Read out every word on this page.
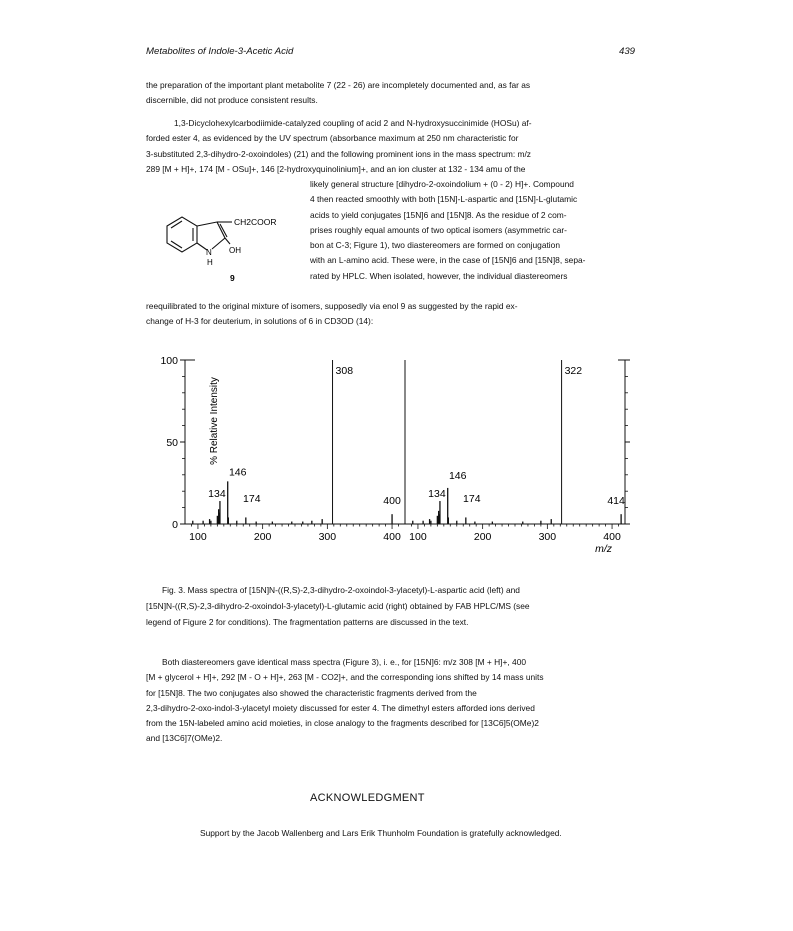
Metabolites of Indole-3-Acetic Acid	439
the preparation of the important plant metabolite 7 (22 - 26) are incompletely documented and, as far as
discernible, did not produce consistent results.
1,3-Dicyclohexylcarbodiimide-catalyzed coupling of acid 2 and N-hydroxysuccinimide (HOSu) af-
forded ester 4, as evidenced by the UV spectrum (absorbance maximum at 250 nm characteristic for
3-substituted 2,3-dihydro-2-oxoindoles) (21) and the following prominent ions in the mass spectrum: m/z
289 [M + H]+, 174 [M - OSu]+, 146 [2-hydroxyquinolinium]+, and an ion cluster at 132 - 134 amu of the
likely general structure [dihydro-2-oxoindolium + (0 - 2) H]+. Compound
4 then reacted smoothly with both [15N]-L-aspartic and [15N]-L-glutamic
acids to yield conjugates [15N]6 and [15N]8. As the residue of 2 com-
prises roughly equal amounts of two optical isomers (asymmetric car-
bon at C-3; Figure 1), two diastereomers are formed on conjugation
with an L-amino acid. These were, in the case of [15N]6 and [15N]8, sepa-
rated by HPLC. When isolated, however, the individual diastereomers
reequilibrated to the original mixture of isomers, supposedly via enol 9 as suggested by the rapid ex-
change of H-3 for deuterium, in solutions of 6 in CD3OD (14):
CH2COOR
N
H
OH
9
0
50
100
% Relative Intensity
100	200	300	400
308
146
134 174	400
100	200	300	400
322
146
134 174	414
m/z
Fig. 3. Mass spectra of [15N]N-((R,S)-2,3-dihydro-2-oxoindol-3-ylacetyl)-L-aspartic acid (left) and
[15N]N-((R,S)-2,3-dihydro-2-oxoindol-3-ylacetyl)-L-glutamic acid (right) obtained by FAB HPLC/MS (see
legend of Figure 2 for conditions). The fragmentation patterns are discussed in the text.
Both diastereomers gave identical mass spectra (Figure 3), i. e., for [15N]6: m/z 308 [M + H]+, 400
[M + glycerol + H]+, 292 [M - O + H]+, 263 [M - CO2]+, and the corresponding ions shifted by 14 mass units
for [15N]8. The two conjugates also showed the characteristic fragments derived from the
2,3-dihydro-2-oxo-indol-3-ylacetyl moiety discussed for ester 4. The dimethyl esters afforded ions derived
from the 15N-labeled amino acid moieties, in close analogy to the fragments described for [13C6]5(OMe)2
and [13C6]7(OMe)2.
ACKNOWLEDGMENT
Support by the Jacob Wallenberg and Lars Erik Thunholm Foundation is gratefully acknowledged.
